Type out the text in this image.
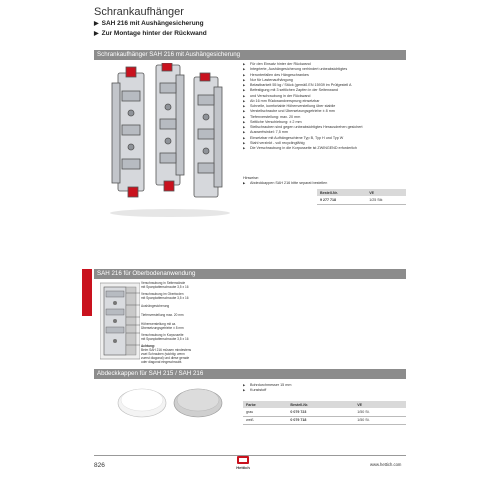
Schrankaufhänger
▶ SAH 216 mit Aushängesicherung
▶ Zur Montage hinter der Rückwand
Schrankaufhänger SAH 216 mit Aushängesicherung
▶ Für den Einsatz hinter der Rückwand
▶ Integrierte, Aushängesicherung verhindert unbeabsichtigtes
▶ Herunterfallen des Hängeschrankes
▶ Nur für Lastenaufhängung
▶ Belastbarkeit 55 kg / Stück (gemäß EN 15939 im Prüfgestell A
▶ Befestigung mit 3 seitlichen Zapfen in der Seitenwand
▶ und Verschraubung in der Rückwand
▶ Ab 16 mm Rückwandversprung einsetzbar
▶ Schnelle, komfortable Höhenverstellung über stabile
▶ Verstellschraube und Übersetzungsgetriebe ± 8 mm
▶ Tiefenverstellung: max. 20 mm
▶ Seitliche Verschiebung: ± 2 mm
▶ Stellschrauben sind gegen unbeabsichtigtes Herausdrehen gesichert
▶ Auswerfwinkel: 7,5 mm
▶ Einsetzbar mit Aufhängeschiene Typ B, Typ H und Typ W
▶ Stahl verzinkt - voll recyclingfähig
▶ Die Verschraubung in die Korpusseite ist ZWINGEND erforderlich
Hinweise:
▶ Abdeckkappen SAH 216 bitte separat bestellen
Bestell-Nr.	VE
9 277 718	1/25 Stk
SAH 216 für Oberbodenanwendung
Verschraubung in Seitenwände
mit Spanplattenschraube 3,5 x 16
Verschraubung im Oberboden
mit Spanplattenschraube 3,5 x 16
Aushängesicherung
Tiefenverstellung max. 20 mm
Höhenverstellung mit ca.
Übersetzungsgetriebe ± 8 mm
Verschraubung in Korpusseite
mit Spanplattenschraube 3,5 x 16
Achtung:
Beim SAH 216 müssen mindestens
zwei Schrauben (wichtig: wenn
zuerst diagonal) und diese gerade
oder diagonal eingeschraubt.
Abdeckkappen für SAH 215 / SAH 216
▶ Bohrdurchmesser 15 mm
▶ Kunststoff
Farbe	Bestell-Nr.	VE
grau	0 079 723	1/50 St.
weiß	0 079 718	1/50 St.
826	Hettich
www.hettich.com
